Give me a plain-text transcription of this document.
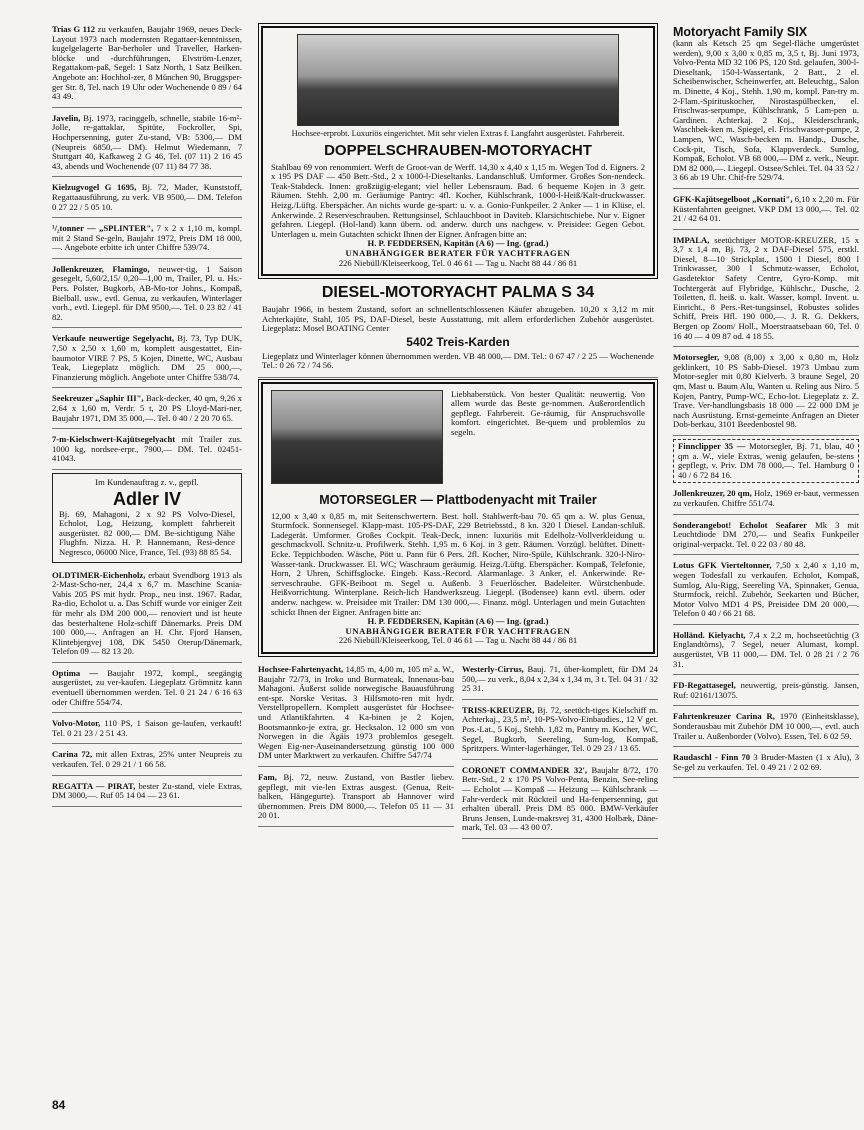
Trias G 112 zu verkaufen, Baujahr 1969, neues Deck-Layout 1973 nach modernsten Regattaer-kenntnissen, kugelgelagerte Bar-berholer und Traveller, Harken-blöcke und -durchführungen, Elvström-Lenzer, Regattakom-paß, Segel: 1 Satz North, 1 Satz Beilken. Angebote an: Hochhol-zer, 8 München 90, Bruggsper-ger Str. 8, Tel. nach 19 Uhr oder Wochenende 0 89 / 64 43 49.
Javelin, Bj. 1973, racinggelb, schnelle, stabile 16-m²-Jolle, re-gattaklar, Spitüte, Fockroller, Spi, Hochpersenning, guter Zu-stand, VB: 5300,— DM (Neupreis 6850,— DM). Helmut Wiedemann, 7 Stuttgart 40, Kafkaweg 2 G 46, Tel. (07 11) 2 16 45 43, abends und Wochenende (07 11) 84 77 38.
Kielzugvogel G 1695, Bj. 72, Mader, Kunststoff, Regattaausführung, zu verk. VB 9500,— DM. Telefon 0 27 22 / 5 05 10.
¹/₂tonner — „SPLINTER", 7 x 2 x 1,10 m, kompl. mit 2 Stand Se-geln, Baujahr 1972, Preis DM 18 000,—. Angebote erbitte ich unter Chiffre 539/74.
Jollenkreuzer, Flamingo, neuwer-tig, 1 Saison gesegelt, 5,60/2,15/ 0,20—1,00 m, Trailer, Pl. u. Hs.-Pers. Polster, Bugkorb, AB-Mo-tor Johns., Kompaß, Bielball. usw., evtl. Genua, zu verkaufen, Winterlager vorh., evtl. Liegepl. für DM 9500,—. Tel. 0 23 82 / 41 82.
Verkaufe neuwertige Segelyacht, Bj. 73, Typ DUK, 7,50 x 2,50 x 1,60 m, komplett ausgestattet, Ein-baumotor VIRE 7 PS, 5 Kojen, Dinette, WC, Ausbau Teak, Liegeplatz möglich. DM 25 000,—, Finanzierung möglich. Angebote unter Chiffre 538/74.
Seekreuzer „Saphir III", Back-decker, 40 qm, 9,26 x 2,64 x 1,60 m, Verdr. 5 t, 20 PS Lloyd-Mari-ner, Baujahr 1971, DM 35 000,—. Tel. 0 40 / 2 20 70 65.
7-m-Kielschwert-Kajütsegelyacht mit Trailer zus. 1000 kg, nordsee-erpr., 7900,— DM. Tel. 02451-41043.
Im Kundenauftrag z. v., gepfl.
Adler IV
Bj. 69, Mahagoni, 2 x 92 PS Volvo-Diesel, Echolot, Log, Heizung, komplett fahrbereit ausgerüstet. 82 000,— DM. Be-sichtigung Nähe Flughfn. Nizza. H. P. Hannemann, Resi-dence Negresco, 06000 Nice, France, Tel. (93) 88 85 54.
OLDTIMER-Eichenholz, erbaut Svendborg 1913 als 2-Mast-Scho-ner, 24,4 x 6,7 m. Maschine Scania-Vabis 205 PS mit hydr. Prop., neu inst. 1967. Radar, Ra-dio, Echolot u. a. Das Schiff wurde vor einiger Zeit für mehr als DM 200 000,— renoviert und ist heute das besterhaltene Holz-schiff Dänemarks. Preis DM 100 000,—. Anfragen an H. Chr. Fjord Hansen, Klintebjergvej 108, DK 5450 Oterup/Dänemark, Telefon 09 — 82 13 20.
Optima — Baujahr 1972, kompl., seegängig ausgerüstet, zu ver-kaufen. Liegeplatz Grömnitz kann eventuell übernommen werden. Tel. 0 21 24 / 6 16 63 oder Chiffre 554/74.
Volvo-Motor, 110 PS, 1 Saison ge-laufen, verkauft! Tel. 0 21 23 / 2 51 43.
Carina 72, mit allen Extras, 25% unter Neupreis zu verkaufen. Tel. 0 29 21 / 1 66 58.
REGATTA — PIRAT, bester Zu-stand, viele Extras, DM 3000,—. Ruf 05 14 04 — 23 61.
Hochsee-erprobt. Luxuriös eingerichtet. Mit sehr vielen Extras f. Langfahrt ausgerüstet. Fahrbereit.
DOPPELSCHRAUBEN-MOTORYACHT
Stahlbau 69 von renommiert. Werft de Groot-van de Werff. 14,30 x 4,40 x 1,15 m. Wegen Tod d. Eigners. 2 x 195 PS DAF — 450 Betr.-Std., 2 x 1000-l-Dieseltanks. Landanschluß. Umformer. Großes Son-nendeck. Teak-Stabdeck. Innen: großzügig-elegant; viel heller Lebensraum. Bad. 6 bequeme Kojen in 3 getr. Räumen. Stehh. 2,00 m. Geräumige Pantry: 4fl. Kocher, Kühlschrank, 1000-l-Heiß/Kalt-druckwasser. Heizg./Lüftg. Eberspächer. An nichts wurde ge-spart: u. v. a. Gonio-Funkpeiler. 2 Anker — 1 in Klüse, el. Ankerwinde. 2 Reserveschrauben. Rettungsinsel, Schlauchboot in Daviteb. Klarsichtschiebe. Nur v. Eigner gefahren. Liegepl. (Hol-land) kann übern. od. anderw. durch uns nachgew. v. Preisidee: Gegen Gebot. Unterlagen u. mein Gutachten schickt Ihnen der Eigner. Anfragen bitte an:
H. P. FEDDERSEN, Kapitän (A 6) — Ing. (grad.)
UNABHÄNGIGER BERATER FÜR YACHTFRAGEN
226 Niebüll/Kleiseerkoog, Tel. 0 46 61 — Tag u. Nacht 88 44 / 86 81
DIESEL-MOTORYACHT PALMA S 34
Baujahr 1966, in bestem Zustand, sofort an schnellentschlossenen Käufer abzugeben. 10,20 x 3,12 m mit Achterkajüte, Stahl, 105 PS, DAF-Diesel, beste Ausstattung, mit allem erforderlichen Zubehör ausgerüstet. Liegeplatz: Mosel BOATING Center
5402 Treis-Karden
Liegeplatz und Winterlager können übernommen werden. VB 48 000,— DM. Tel.: 0 67 47 / 2 25 — Wochenende Tel.: 0 26 72 / 74 56.
Liebhaberstück. Von bester Qualität: neuwertig. Von allem wurde das Beste ge-nommen. Außerordentlich gepflegt. Fahrbereit. Ge-räumig, für Anspruchsvolle komfort. eingerichtet. Be-quem und problemlos zu segeln.
MOTORSEGLER — Plattbodenyacht mit Trailer
12,00 x 3,40 x 0,85 m, mit Seitenschwertern. Best. holl. Stahlwerft-bau 70. 65 qm a. W. plus Genua, Sturmfock. Sonnensegel. Klapp-mast. 105-PS-DAF, 229 Betriebsstd., 8 kn. 320 l Diesel. Landan-schluß. Ladegerät. Umformer. Großes Cockpit. Teak-Deck, innen: luxuriös mit Edelholz-Vollverkleidung u. geschmackvoll. Schnitz-u. Profilwerk. Stehh. 1,95 m. 6 Koj. in 3 getr. Räumen. Vorzügl. belüftet. Dinett-Ecke. Teppichboden. Wäsche, Pött u. Pann für 6 Pers. 2fl. Kocher, Niro-Spüle, Kühlschrank. 320-l-Niro-Wasser-tank. Druckwasser. El. WC; Waschraum geräumig. Heizg./Lüftg. Eberspächer. Kompaß, Telefonie, Horn, 2 Uhren, Schiffsglocke. Eingeb. Kass.-Record. Alarmanlage. 3 Anker, el. Ankerwinde. Re-serveschraube. GFK-Beiboot m. Segel u. Außenb. 3 Feuerlöscher. Badeleiter. Würstchenbude. Heißvorrichtung. Winterplane. Reich-lich Handwerkszeug. Liegepl. (Bodensee) kann evtl. übern. oder anderw. nachgew. w. Preisidee mit Trailer: DM 130 000,—. Finanz. mögl. Unterlagen und mein Gutachten schickt Ihnen der Eigner. Anfragen bitte an:
H. P. FEDDERSEN, Kapitän (A 6) — Ing. (grad.)
UNABHÄNGIGER BERATER FÜR YACHTFRAGEN
226 Niebüll/Kleiseerkoog, Tel. 0 46 61 — Tag u. Nacht 88 44 / 86 81
Hochsee-Fahrtenyacht, 14,85 m, 4,00 m, 105 m² a. W., Baujahr 72/73, in Iroko und Burmateak, Innenaus-bau Mahagoni. Äußerst solide norwegische Bauausführung ent-spr. Norske Veritas. 3 Hilfsmoto-ren mit hydr. Verstellpropellern. Komplett ausgerüstet für Hochsee- und Atlantikfahrten. 4 Ka-binen je 2 Kojen, Bootsmannko-je extra, gr. Hecksalon. 12 000 sm von Norwegen in die Ägäis 1973 problemlos gesegelt. Wegen Eig-ner-Auseinandersetzung günstig 100 000 DM unter Marktwert zu verkaufen. Chiffre 547/74
Fam, Bj. 72, neuw. Zustand, von Bastler liebev. gepflegt, mit vie-len Extras ausgest. (Genua, Reit-balken, Hängegurte). Transport ab Hannover wird übernommen. Preis DM 8000,—. Telefon 05 11 — 31 20 01.
Westerly-Cirrus, Bauj. 71, über-komplett, für DM 24 500,— zu verk., 8,04 x 2,34 x 1,34 m, 3 t. Tel. 04 31 / 32 25 31.
TRISS-KREUZER, Bj. 72, seetüch-tiges Kielschiff m. Achterkaj., 23,5 m², 10-PS-Volvo-Einbaudies., 12 V get. Pos.-Lat., 5 Koj., Stehh. 1,82 m, Pantry m. Kocher, WC, Segel, Bugkorb, Seereling, Sum-log, Kompaß, Spritzpers. Winter-lagerhänger, Tel. 0 29 23 / 13 65.
CORONET COMMANDER 32', Baujahr 8/72, 170 Betr.-Std., 2 x 170 PS Volvo-Penta, Benzin, See-reling — Echolot — Kompaß — Heizung — Kühlschrank — Fahr-verdeck mit Rückteil und Ha-fenpersenning, gut erhalten überall. Preis DM 85 000. BMW-Verkäufer Bruns Jensen, Lunde-makrsvej 31, 4300 Holbæk, Däne-mark, Tel. 03 — 43 00 07.
Motoryacht Family SIX
(kann als Ketsch 25 qm Segel-fläche umgerüstet werden), 9,00 x 3,00 x 0,85 m, 3,5 t, Bj. Juni 1973, Volvo-Penta MD 32 106 PS, 120 Std. gelaufen, 300-l-Dieseltank, 150-l-Wassertank, 2 Batt., 2 el. Scheibenwischer, Scheinwerfer, att. Beleuchtg., Salon m. Dinette, 4 Koj., Stehh. 1,90 m, kompl. Pan-try m. 2-Flam.-Spirituskocher, Nirostaspülbecken, el. Frischwas-serpumpe, Kühlschrank, 5 Lam-pen u. Gardinen. Achterkaj. 2 Koj., Kleiderschrank, Waschbek-ken m. Spiegel, el. Frischwasser-pumpe, 2 Lampen, WC, Wasch-becken m. Handp., Dusche, Cock-pit, Tisch, Sofa, Klappverdeck. Sumlog, Kompaß, Echolot. VB 68 000,— DM z. verk., Neupr. DM 82 000,—. Liegepl. Ostsee/Schlei. Tel. 04 33 52 / 3 66 ab 19 Uhr. Chif-fre 529/74.
GFK-Kajütsegelboot „Kornati", 6,10 x 2,20 m. Für Küstenfahrten geeignet. VKP DM 13 000,—. Tel. 02 21 / 42 64 01.
IMPALA, seetüchtiger MOTOR-KREUZER, 15 x 3,7 x 1,4 m, Bj. 73, 2 x DAF-Diesel 575, erstkl. Diesel, 8—10 Strickplat., 1500 l Diesel, 800 l Trinkwasser, 300 l Schmutz-wasser, Echolot, Gasdetektor Safety Centre, Gyro-Komp. mit Tochtergerät auf Flybridge, Kühlschr., Dusche, 2 Toiletten, fl. heiß. u. kalt. Wasser, kompl. Invent. u. Einricht., 8 Pers.-Ret-tungsinsel, Robustes solides Schiff, Preis Hfl. 190 000,—. J. R. G. Dekkers, Bergen op Zoom/ Holl., Moerstraatsebaan 60, Tel. 0 16 40 — 4 09 87 od. 4 18 55.
Motorsegler, 9,08 (8,00) x 3,00 x 0,80 m, Holz geklinkert, 10 PS Sabb-Diesel. 1973 Umbau zum Motor-segler mit 0,80 Kielverb. 3 braune Segel, 20 qm, Mast u. Baum Alu, Wanten u. Reling aus Niro. 5 Kojen, Pantry, Pump-WC, Echo-lot. Liegeplatz z. Z. Trave. Ver-handlungsbasis 18 000 — 22 000 DM je nach Ausrüstung. Ernst-gemeinte Anfragen an Dieter Dob-berkau, 3101 Beedenbostel 98.
Finnclipper 35 — Motorsegler, Bj. 71, blau, 40 qm a. W., viele Extras, wenig gelaufen, be-stens gepflegt, v. Priv. DM 78 000,—. Tel. Hamburg 0 40 / 6 72 84 16.
Jollenkreuzer, 20 qm, Holz, 1969 er-baut, vermessen zu verkaufen. Chiffre 551/74.
Sonderangebot! Echolot Seafarer Mk 3 mit Leuchtdiode DM 270,— und Seafix Funkpeiler original-verpackt. Tel. 0 22 03 / 80 48.
Lotus GFK Vierteltonner, 7,50 x 2,40 x 1,10 m, wegen Todesfall zu verkaufen. Echolot, Kompaß, Sumlog, Alu-Rigg, Seereling VA, Spinnaker, Genua, Sturmfock, reichl. Zubehör, Seekarten und Bücher, Motor Volvo MD1 4 PS, Preisidee DM 20 000,—. Telefon 0 40 / 66 21 68.
Holländ. Kielyacht, 7,4 x 2,2 m, hochseetüchtig (3 Englandtörns), 7 Segel, neuer Alumast, kompl. ausgerüstet, VB 11 000,— DM. Tel. 0 28 21 / 2 76 31.
FD-Regattasegel, neuwertig, preis-günstig. Jansen, Ruf: 02161/13075.
Fahrtenkreuzer Carina R, 1970 (Einheitsklasse), Sonderausbau mit Zubehör DM 10 000,—, evtl. auch Trailer u. Außenborder (Volvo). Essen, Tel. 6 02 59.
Raudaschl - Finn 70 3 Bruder-Masten (1 x Alu), 3 Se-gel zu verkaufen. Tel. 0 49 21 / 2 02 69.
84
